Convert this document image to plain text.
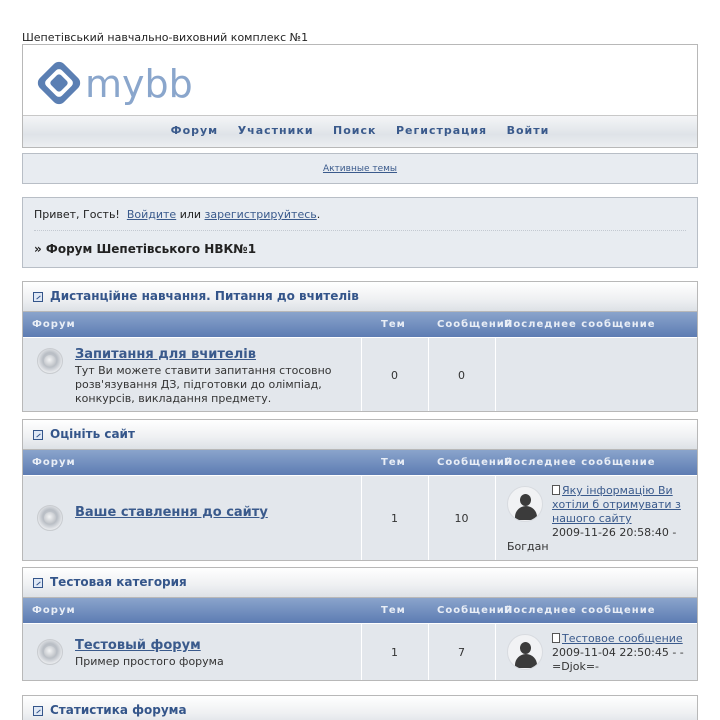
Шепетівський навчально-виховний комплекс №1
mybb
Форум Участники Поиск Регистрация Войти
Активные темы
Привет, Гость! Войдите или зарегистрируйтесь.
» Форум Шепетівського НВК№1
Дистанційне навчання. Питання до вчителів
Форум	Тем	Сообщений
Последнее сообщение
Запитання для вчителів
Тут Ви можете ставити запитання стосовно розв'язування ДЗ, підготовки до олімпіад, конкурсів, викладання предмету.
0	0
Оцініть сайт
Форум	Тем	Сообщений
Последнее сообщение
Ваше ставлення до сайту	1	10
Яку інформацію Ви хотіли б отримувати з нашого сайту
2009-11-26 20:58:40 -
Богдан
Тестовая категория
Форум	Тем	Сообщений
Последнее сообщение
Тестовый форум
Пример простого форума
1	7
Тестовое сообщение
2009-11-04 22:50:45 - -
=Djok=-
Статистика форума
